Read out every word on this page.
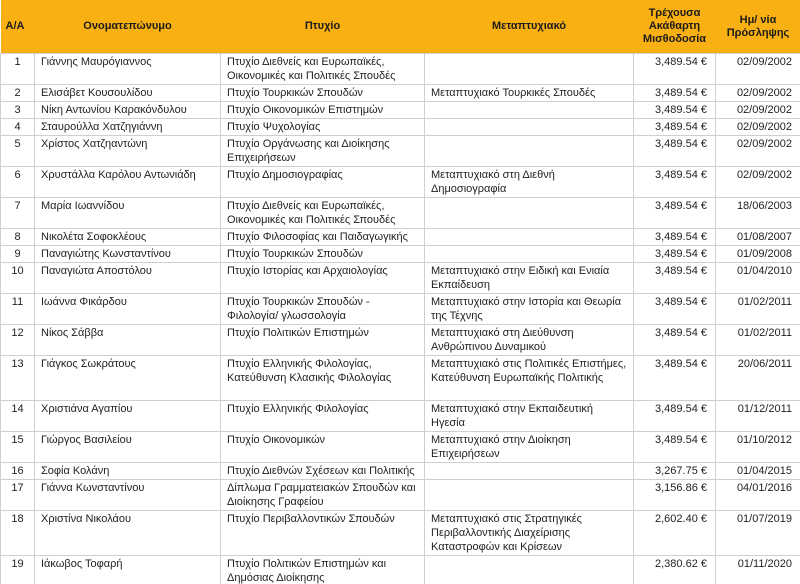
A/A	Ονοματεπώνυμο	Πτυχίο	Μεταπτυχιακό	Τρέχουσα Ακάθαρτη Μισθοδοσία	Ημ/ νία Πρόσληψης
1	Γιάννης Μαυρόγιαννος	Πτυχίο Διεθνείς και Ευρωπαϊκές, Οικονομικές και Πολιτικές Σπουδές		3,489.54 €	02/09/2002
2	Ελισάβετ Κουσουλίδου	Πτυχίο Τουρκικών Σπουδών	Μεταπτυχιακό Τουρκικές Σπουδές	3,489.54 €	02/09/2002
3	Νίκη Αντωνίου Καρακόνδυλου	Πτυχίο Οικονομικών Επιστημών		3,489.54 €	02/09/2002
4	Σταυρούλλα Χατζηγιάννη	Πτυχίο Ψυχολογίας		3,489.54 €	02/09/2002
5	Χρίστος Χατζηαντώνη	Πτυχίο Οργάνωσης και Διοίκησης Επιχειρήσεων		3,489.54 €	02/09/2002
6	Χρυστάλλα Καρόλου Αντωνιάδη	Πτυχίο Δημοσιογραφίας	Μεταπτυχιακό στη Διεθνή Δημοσιογραφία	3,489.54 €	02/09/2002
7	Μαρία Ιωαννίδου	Πτυχίο Διεθνείς και Ευρωπαϊκές, Οικονομικές και Πολιτικές Σπουδές		3,489.54 €	18/06/2003
8	Νικολέτα Σοφοκλέους	Πτυχίο Φιλοσοφίας και Παιδαγωγικής		3,489.54 €	01/08/2007
9	Παναγιώτης Κωνσταντίνου	Πτυχίο Τουρκικών Σπουδών		3,489.54 €	01/09/2008
10	Παναγιώτα Αποστόλου	Πτυχίο Ιστορίας και Αρχαιολογίας	Μεταπτυχιακό στην Ειδική και Ενιαία Εκπαίδευση	3,489.54 €	01/04/2010
11	Ιωάννα Φικάρδου	Πτυχίο Τουρκικών Σπουδών - Φιλολογία/ γλωσσολογία	Μεταπτυχιακό στην Ιστορία και Θεωρία της Τέχνης	3,489.54 €	01/02/2011
12	Νίκος Σάββα	Πτυχίο Πολιτικών Επιστημών	Μεταπτυχιακό στη Διεύθυνση Ανθρώπινου Δυναμικού	3,489.54 €	01/02/2011
13	Γιάγκος Σωκράτους	Πτυχίο Ελληνικής Φιλολογίας, Κατεύθυνση Κλασικής Φιλολογίας	Μεταπτυχιακό στις Πολιτικές Επιστήμες, Κατεύθυνση Ευρωπαϊκής Πολιτικής	3,489.54 €	20/06/2011
14	Χριστιάνα Αγαπίου	Πτυχίο Ελληνικής Φιλολογίας	Μεταπτυχιακό στην Εκπαιδευτική Ηγεσία	3,489.54 €	01/12/2011
15	Γιώργος Βασιλείου	Πτυχίο Οικονομικών	Μεταπτυχιακό στην Διοίκηση Επιχειρήσεων	3,489.54 €	01/10/2012
16	Σοφία Κολάνη	Πτυχίο Διεθνών Σχέσεων και Πολιτικής		3,267.75 €	01/04/2015
17	Γιάννα Κωνσταντίνου	Δίπλωμα Γραμματειακών Σπουδών και Διοίκησης Γραφείου		3,156.86 €	04/01/2016
18	Χριστίνα Νικολάου	Πτυχίο Περιβαλλοντικών Σπουδών	Μεταπτυχιακό στις Στρατηγικές Περιβαλλοντικής Διαχείρισης Καταστροφών και Κρίσεων	2,602.40 €	01/07/2019
19	Ιάκωβος Τοφαρή	Πτυχίο Πολιτικών Επιστημών και Δημόσιας Διοίκησης		2,380.62 €	01/11/2020
